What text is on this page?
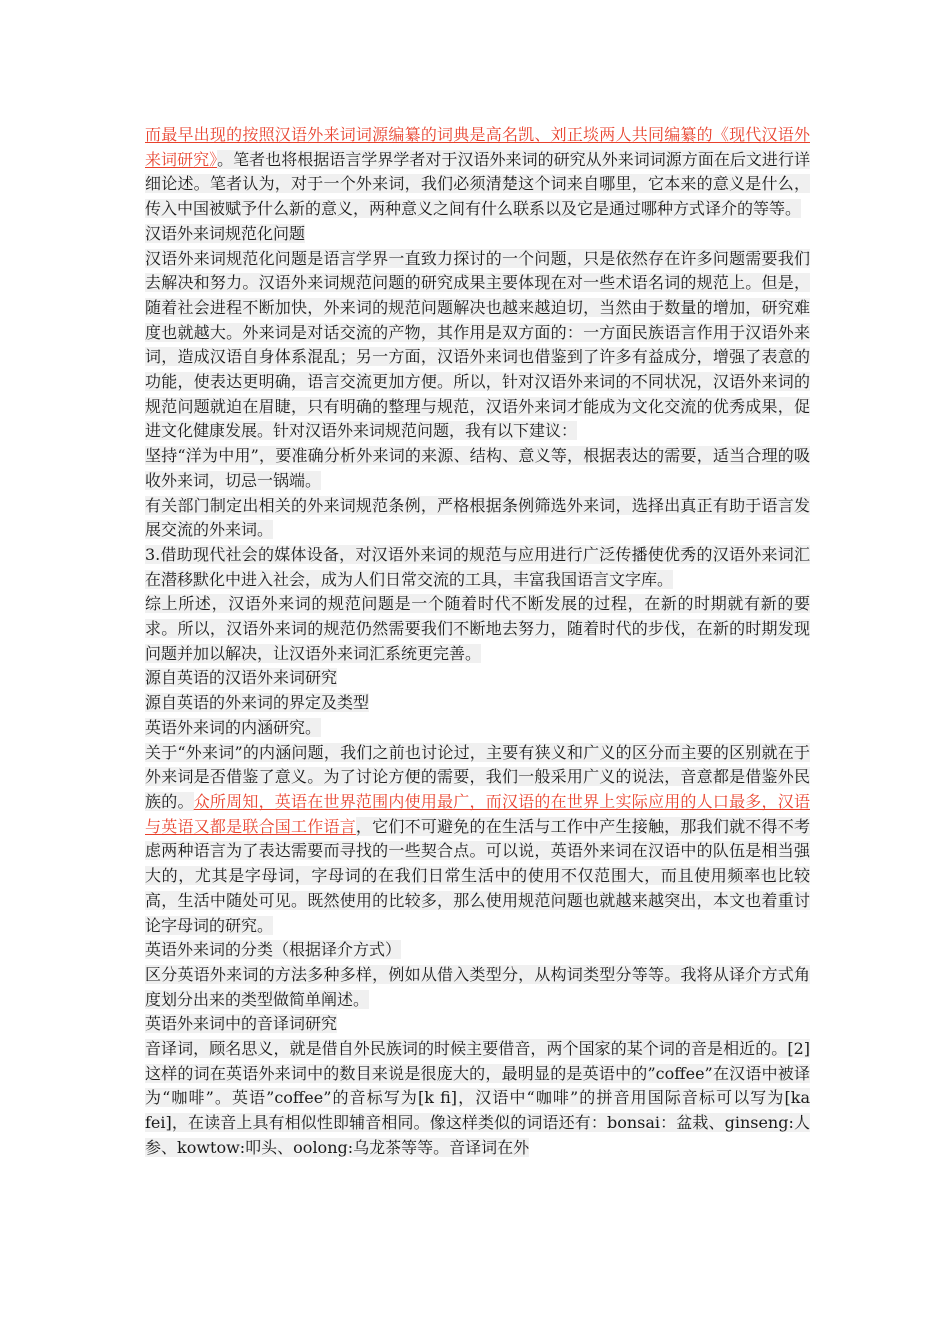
而最早出现的按照汉语外来词词源编纂的词典是高名凯、刘正埮两人共同编纂的《现代汉语外来词研究》。笔者也将根据语言学界学者对于汉语外来词的研究从外来词词源方面在后文进行详细论述。笔者认为，对于一个外来词，我们必须清楚这个词来自哪里，它本来的意义是什么，传入中国被赋予什么新的意义，两种意义之间有什么联系以及它是通过哪种方式译介的等等。

汉语外来词规范化问题

汉语外来词规范化问题是语言学界一直致力探讨的一个问题，只是依然存在许多问题需要我们去解决和努力。汉语外来词规范问题的研究成果主要体现在对一些术语名词的规范上。但是，随着社会进程不断加快，外来词的规范问题解决也越来越迫切，当然由于数量的增加，研究难度也就越大。外来词是对话交流的产物，其作用是双方面的：一方面民族语言作用于汉语外来词，造成汉语自身体系混乱；另一方面，汉语外来词也借鉴到了许多有益成分，增强了表意的功能，使表达更明确，语言交流更加方便。所以，针对汉语外来词的不同状况，汉语外来词的规范问题就迫在眉睫，只有明确的整理与规范，汉语外来词才能成为文化交流的优秀成果，促进文化健康发展。针对汉语外来词规范问题，我有以下建议：

坚持“洋为中用”，要准确分析外来词的来源、结构、意义等，根据表达的需要，适当合理的吸收外来词，切忌一锅端。

有关部门制定出相关的外来词规范条例，严格根据条例筛选外来词，选择出真正有助于语言发展交流的外来词。

3.借助现代社会的媒体设备，对汉语外来词的规范与应用进行广泛传播使优秀的汉语外来词汇在潜移默化中进入社会，成为人们日常交流的工具，丰富我国语言文字库。

综上所述，汉语外来词的规范问题是一个随着时代不断发展的过程，在新的时期就有新的要求。所以，汉语外来词的规范仍然需要我们不断地去努力，随着时代的步伐，在新的时期发现问题并加以解决，让汉语外来词汇系统更完善。

源自英语的汉语外来词研究

源自英语的外来词的界定及类型

英语外来词的内涵研究。

关于“外来词”的内涵问题，我们之前也讨论过，主要有狭义和广义的区分而主要的区别就在于外来词是否借鉴了意义。为了讨论方便的需要，我们一般采用广义的说法，音意都是借鉴外民族的。众所周知，英语在世界范围内使用最广，而汉语的在世界上实际应用的人口最多，汉语与英语又都是联合国工作语言，它们不可避免的在生活与工作中产生接触，那我们就不得不考虑两种语言为了表达需要而寻找的一些契合点。可以说，英语外来词在汉语中的队伍是相当强大的，尤其是字母词，字母词的在我们日常生活中的使用不仅范围大，而且使用频率也比较高，生活中随处可见。既然使用的比较多，那么使用规范问题也就越来越突出，本文也着重讨论字母词的研究。

英语外来词的分类（根据译介方式）

区分英语外来词的方法多种多样，例如从借入类型分，从构词类型分等等。我将从译介方式角度划分出来的类型做简单阐述。

英语外来词中的音译词研究

音译词，顾名思义，就是借自外民族词的时候主要借音，两个国家的某个词的音是相近的。[2]这样的词在英语外来词中的数目来说是很庞大的，最明显的是英语中的”coffee”在汉语中被译为“咖啡”。英语”coffee”的音标写为[k fi]，汉语中“咖啡”的拼音用国际音标可以写为[ka fei]，在读音上具有相似性即辅音相同。像这样类似的词语还有：bonsai：盆栽、ginseng:人参、kowtow:叩头、oolong:乌龙茶等等。音译词在外
